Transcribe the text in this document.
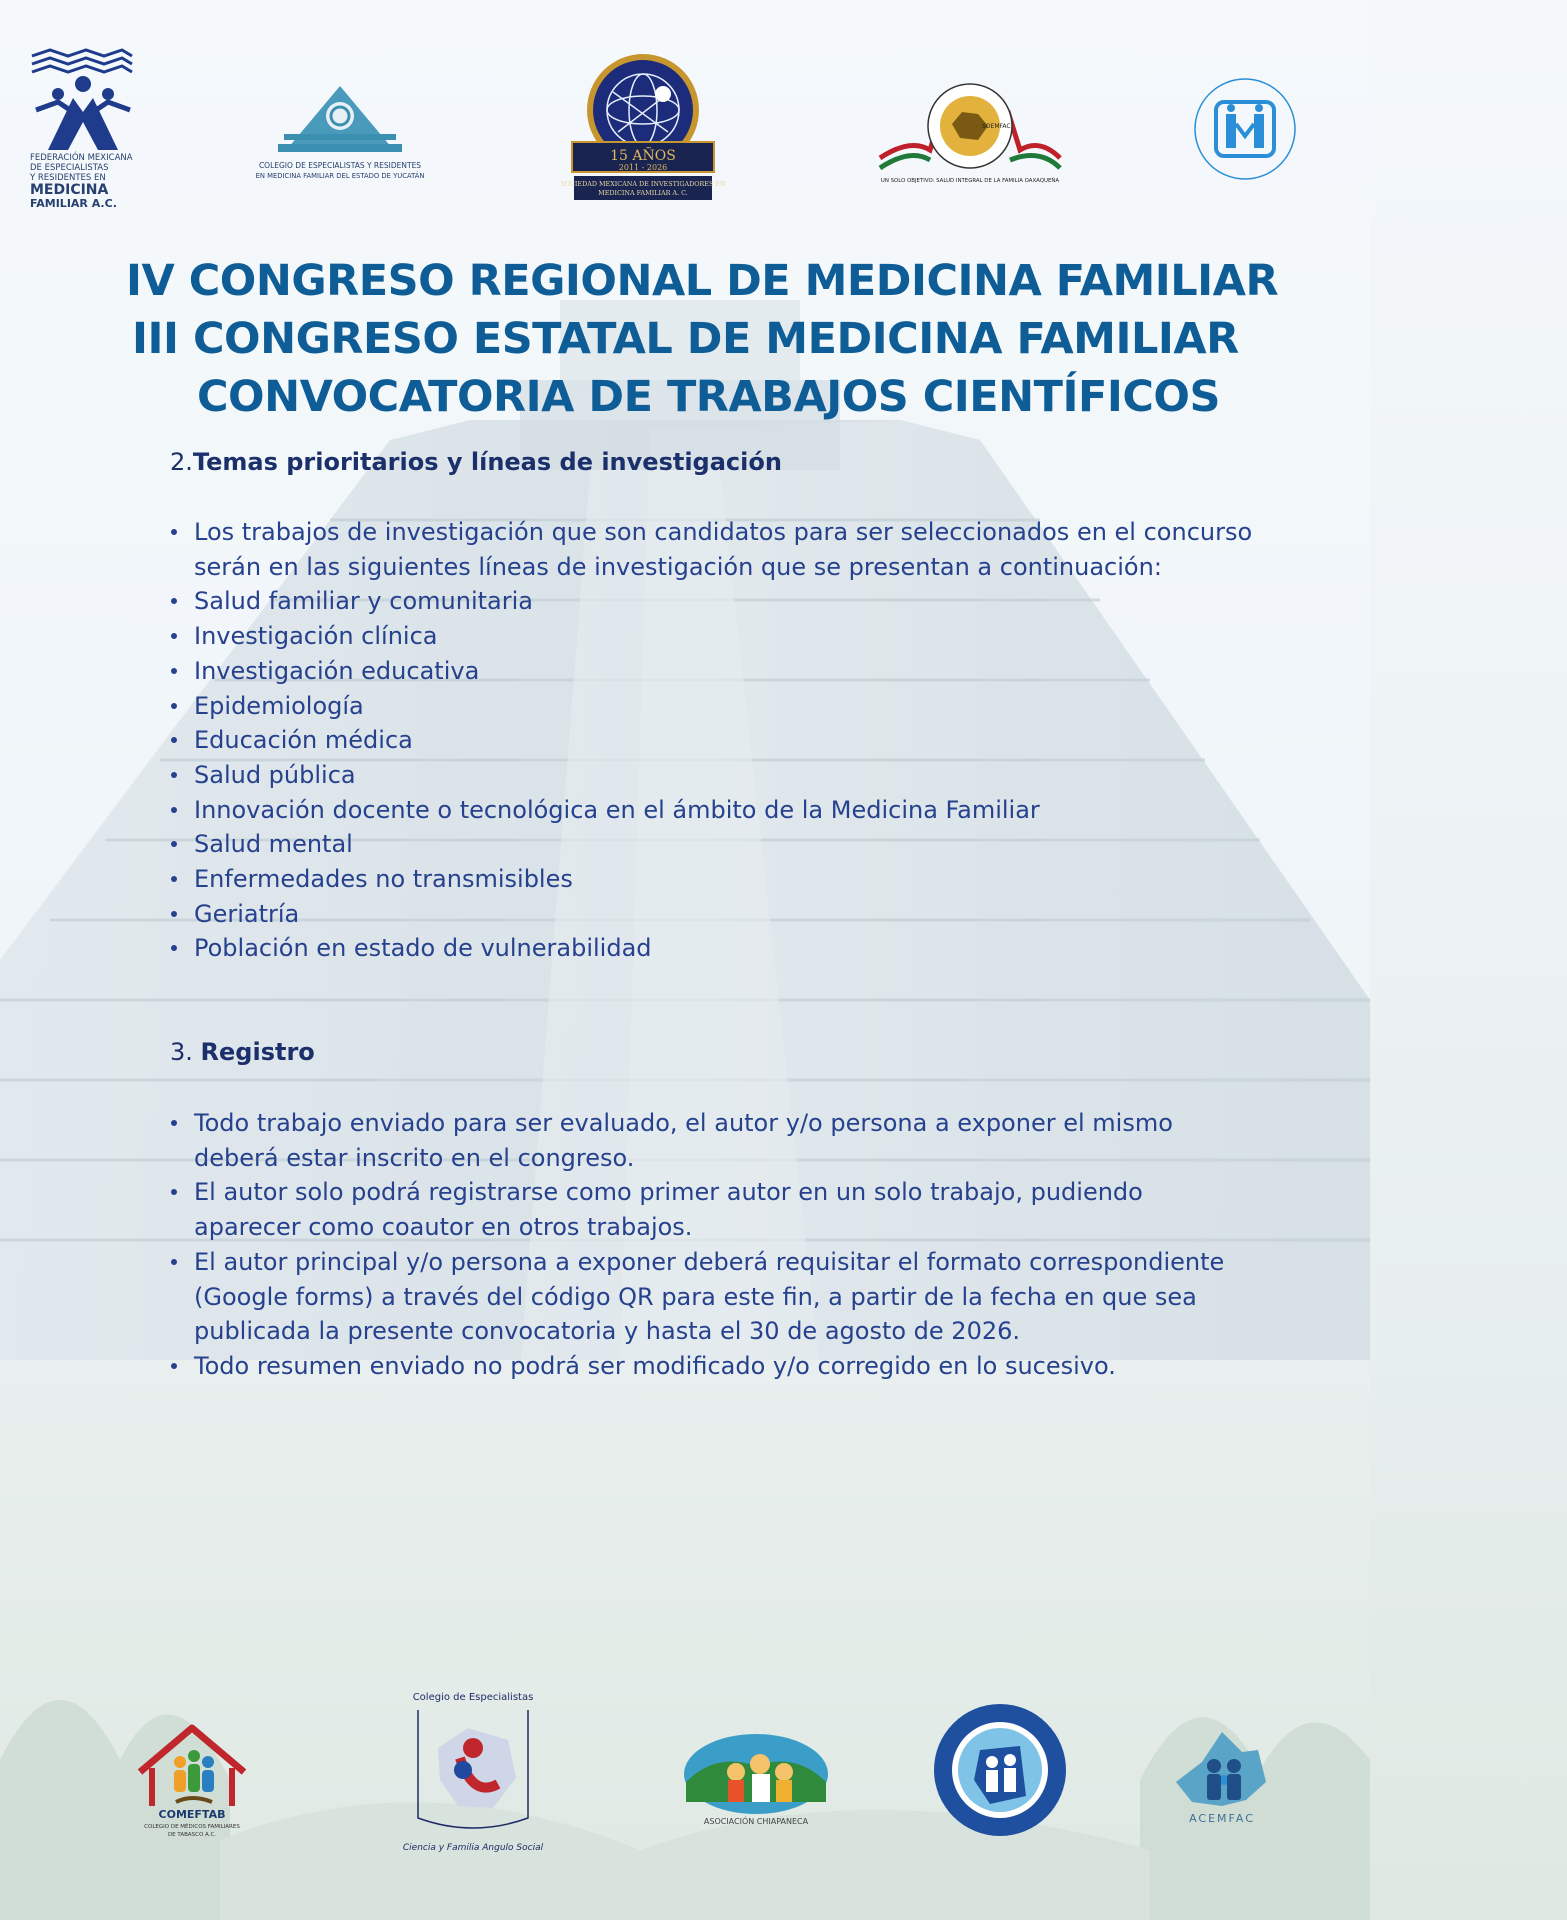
FEDERACIÓN MEXICANA
DE ESPECIALISTAS
Y RESIDENTES EN
MEDICINA
FAMILIAR A.C.
COLEGIO DE ESPECIALISTAS Y RESIDENTES
EN MEDICINA FAMILIAR DEL ESTADO DE YUCATÁN
15 AÑOS
2011 - 2026
SOCIEDAD MEXICANA DE INVESTIGADORES EN
MEDICINA FAMILIAR A. C.
SOEMFAC
UN SOLO OBJETIVO: SALUD INTEGRAL DE LA FAMILIA OAXAQUEÑA
IV CONGRESO REGIONAL DE MEDICINA FAMILIAR
III CONGRESO ESTATAL DE MEDICINA FAMILIAR
CONVOCATORIA DE TRABAJOS CIENTÍFICOS

2.Temas prioritarios y líneas de investigación

Los trabajos de investigación que son candidatos para ser seleccionados en el concurso serán en las siguientes líneas de investigación que se presentan a continuación:
Salud familiar y comunitaria
Investigación clínica
Investigación educativa
Epidemiología
Educación médica
Salud pública
Innovación docente o tecnológica en el ámbito de la Medicina Familiar
Salud mental
Enfermedades no transmisibles
Geriatría
Población en estado de vulnerabilidad

3. Registro

Todo trabajo enviado para ser evaluado, el autor y/o persona a exponer el mismo deberá estar inscrito en el congreso.
El autor solo podrá registrarse como primer autor en un solo trabajo, pudiendo aparecer como coautor en otros trabajos.
El autor principal y/o persona a exponer deberá requisitar el formato correspondiente (Google forms) a través del código QR para este fin, a partir de la fecha en que sea publicada la presente convocatoria y hasta el 30 de agosto de 2026.
Todo resumen enviado no podrá ser modificado y/o corregido en lo sucesivo.
COMEFTAB
COLEGIO DE MÉDICOS FAMILIARES
DE TABASCO A.C.
Colegio de Especialistas
Ciencia y Familia Angulo Social
ASOCIACIÓN CHIAPANECA	ACEMFAC
